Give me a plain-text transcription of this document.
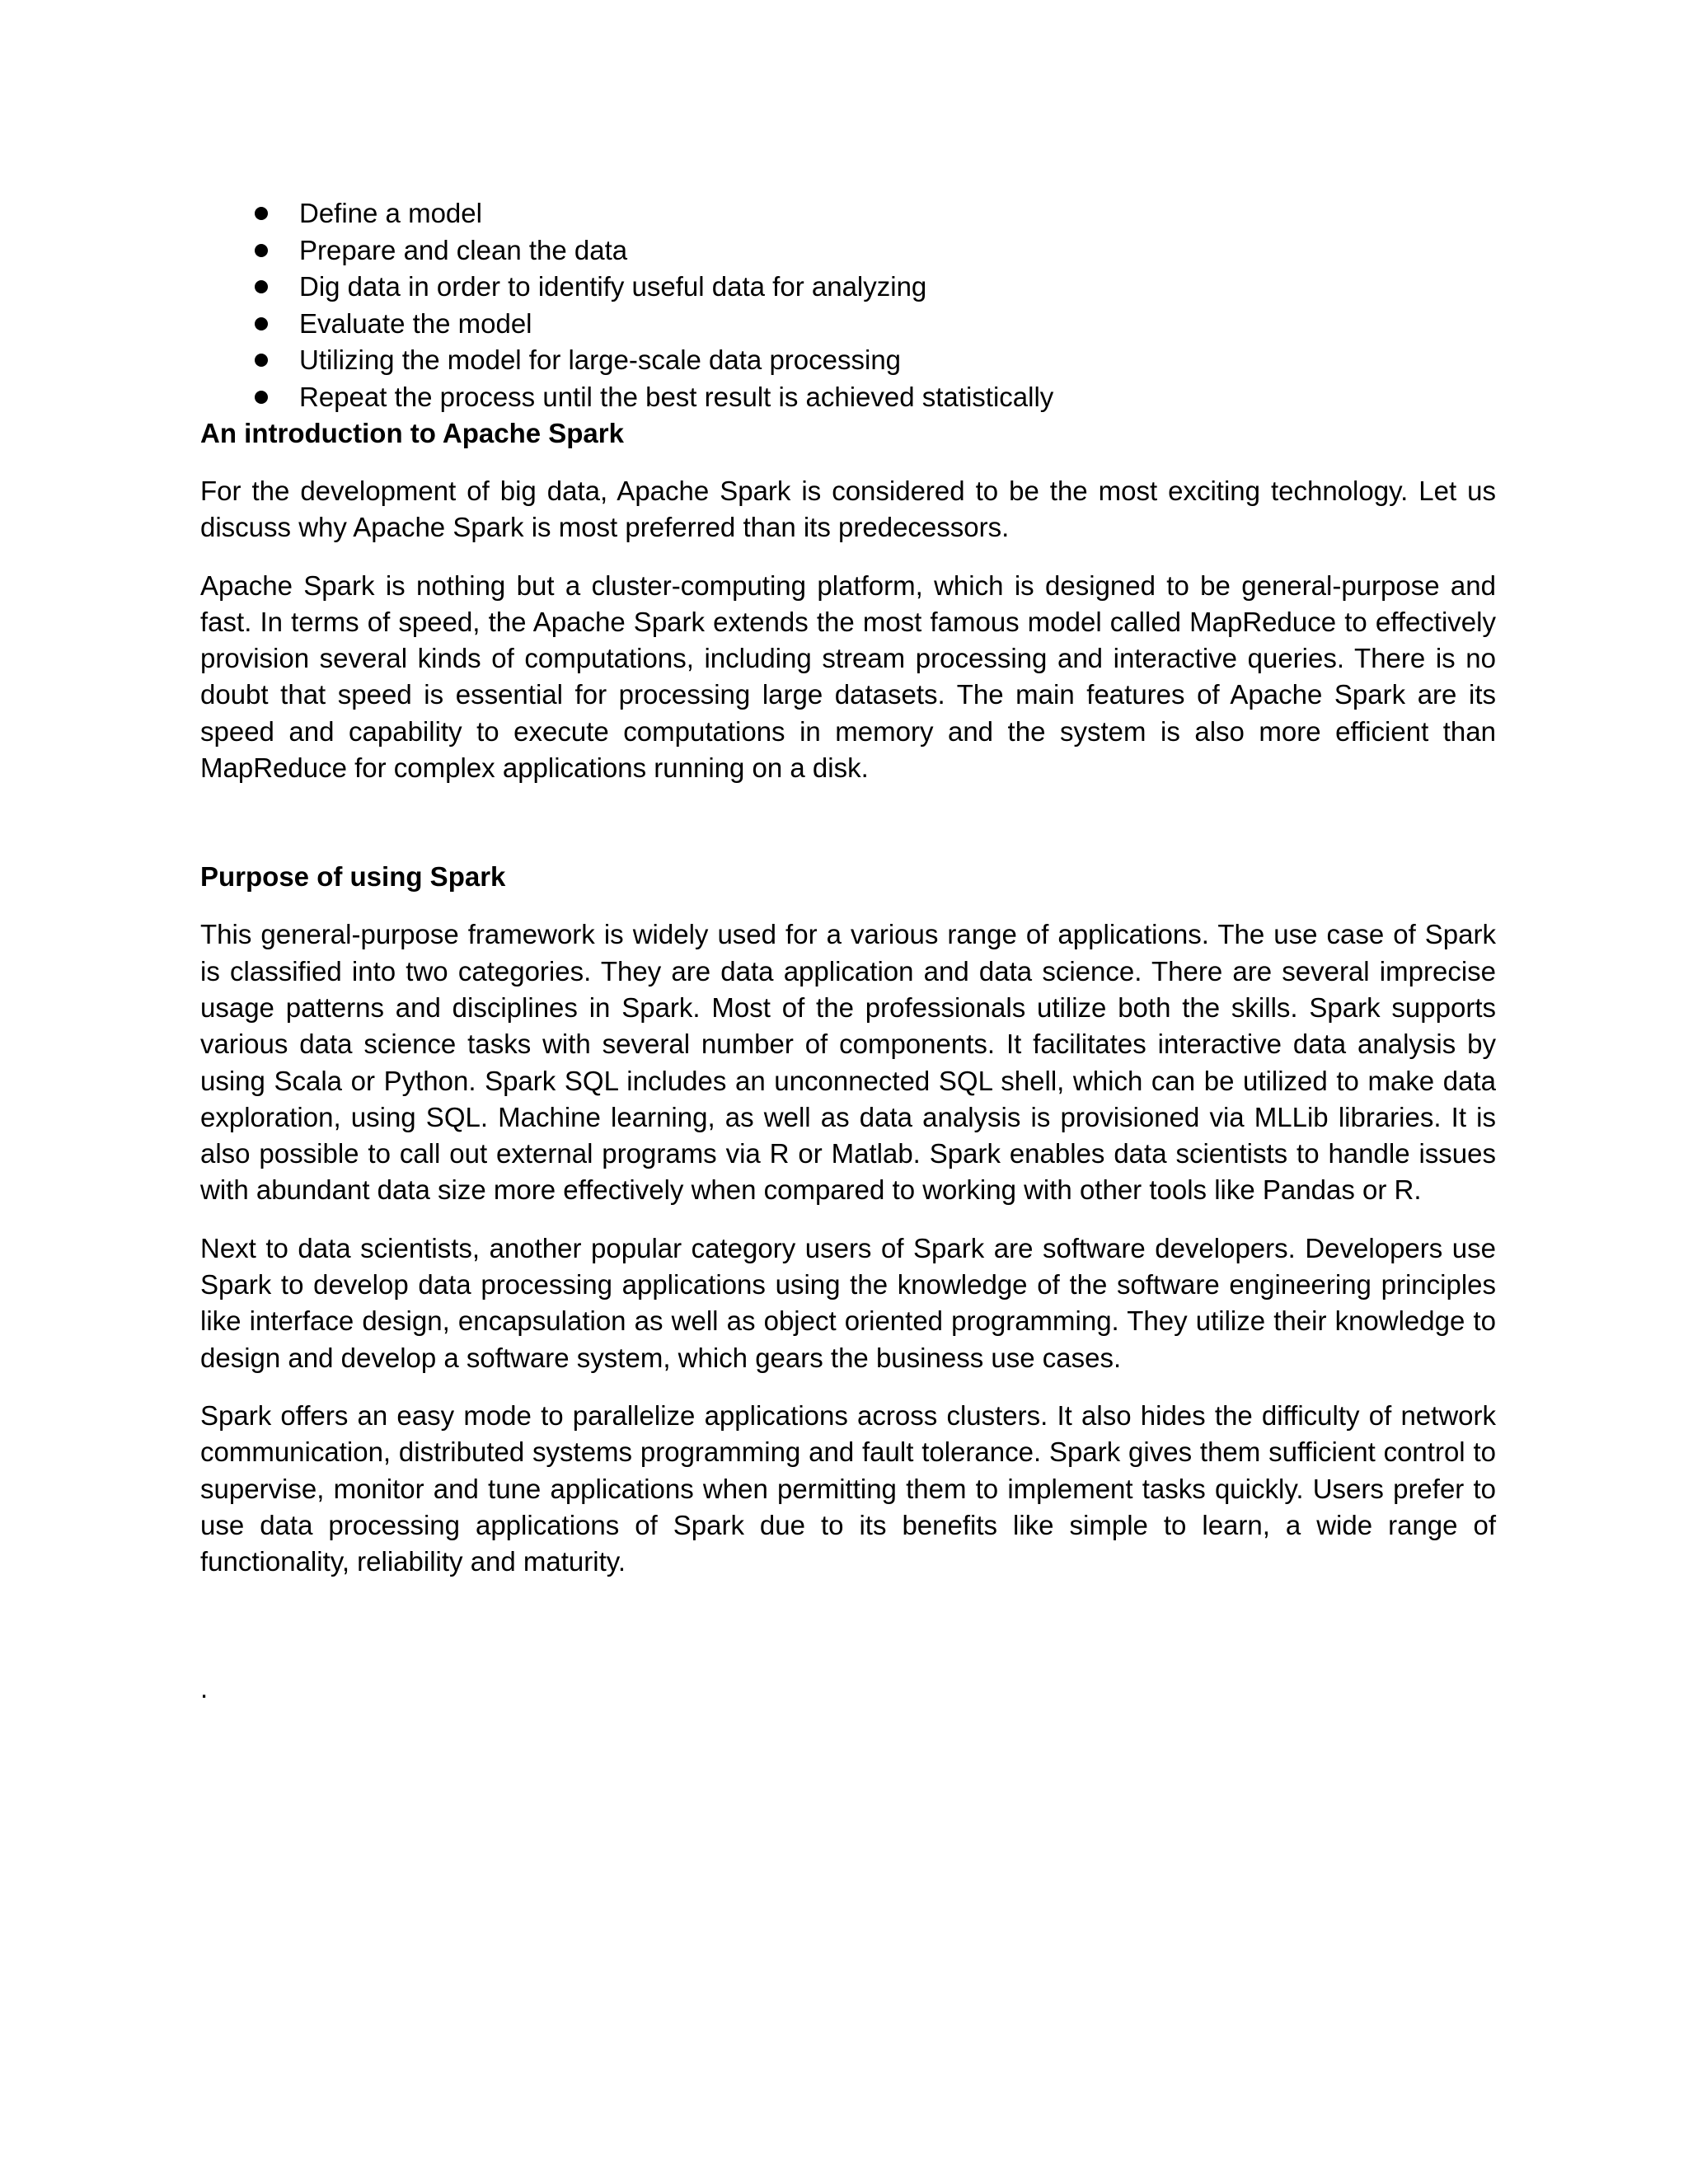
Define a model
Prepare and clean the data
Dig data in order to identify useful data for analyzing
Evaluate the model
Utilizing the model for large-scale data processing
Repeat the process until the best result is achieved statistically
An introduction to Apache Spark

For the development of big data, Apache Spark is considered to be the most exciting technology. Let us discuss why Apache Spark is most preferred than its predecessors.

Apache Spark is nothing but a cluster-computing platform, which is designed to be general-purpose and fast. In terms of speed, the Apache Spark extends the most famous model called MapReduce to effectively provision several kinds of computations, including stream processing and interactive queries. There is no doubt that speed is essential for processing large datasets. The main features of Apache Spark are its speed and capability to execute computations in memory and the system is also more efficient than MapReduce for complex applications running on a disk.

Purpose of using Spark

This general-purpose framework is widely used for a various range of applications. The use case of Spark is classified into two categories. They are data application and data science. There are several imprecise usage patterns and disciplines in Spark. Most of the professionals utilize both the skills. Spark supports various data science tasks with several number of components. It facilitates interactive data analysis by using Scala or Python. Spark SQL includes an unconnected SQL shell, which can be utilized to make data exploration, using SQL. Machine learning, as well as data analysis is provisioned via MLLib libraries. It is also possible to call out external programs via R or Matlab. Spark enables data scientists to handle issues with abundant data size more effectively when compared to working with other tools like Pandas or R.

Next to data scientists, another popular category users of Spark are software developers. Developers use Spark to develop data processing applications using the knowledge of the software engineering principles like interface design, encapsulation as well as object oriented programming. They utilize their knowledge to design and develop a software system, which gears the business use cases.

Spark offers an easy mode to parallelize applications across clusters. It also hides the difficulty of network communication, distributed systems programming and fault tolerance. Spark gives them sufficient control to supervise, monitor and tune applications when permitting them to implement tasks quickly. Users prefer to use data processing applications of Spark due to its benefits like simple to learn, a wide range of functionality, reliability and maturity.

.
